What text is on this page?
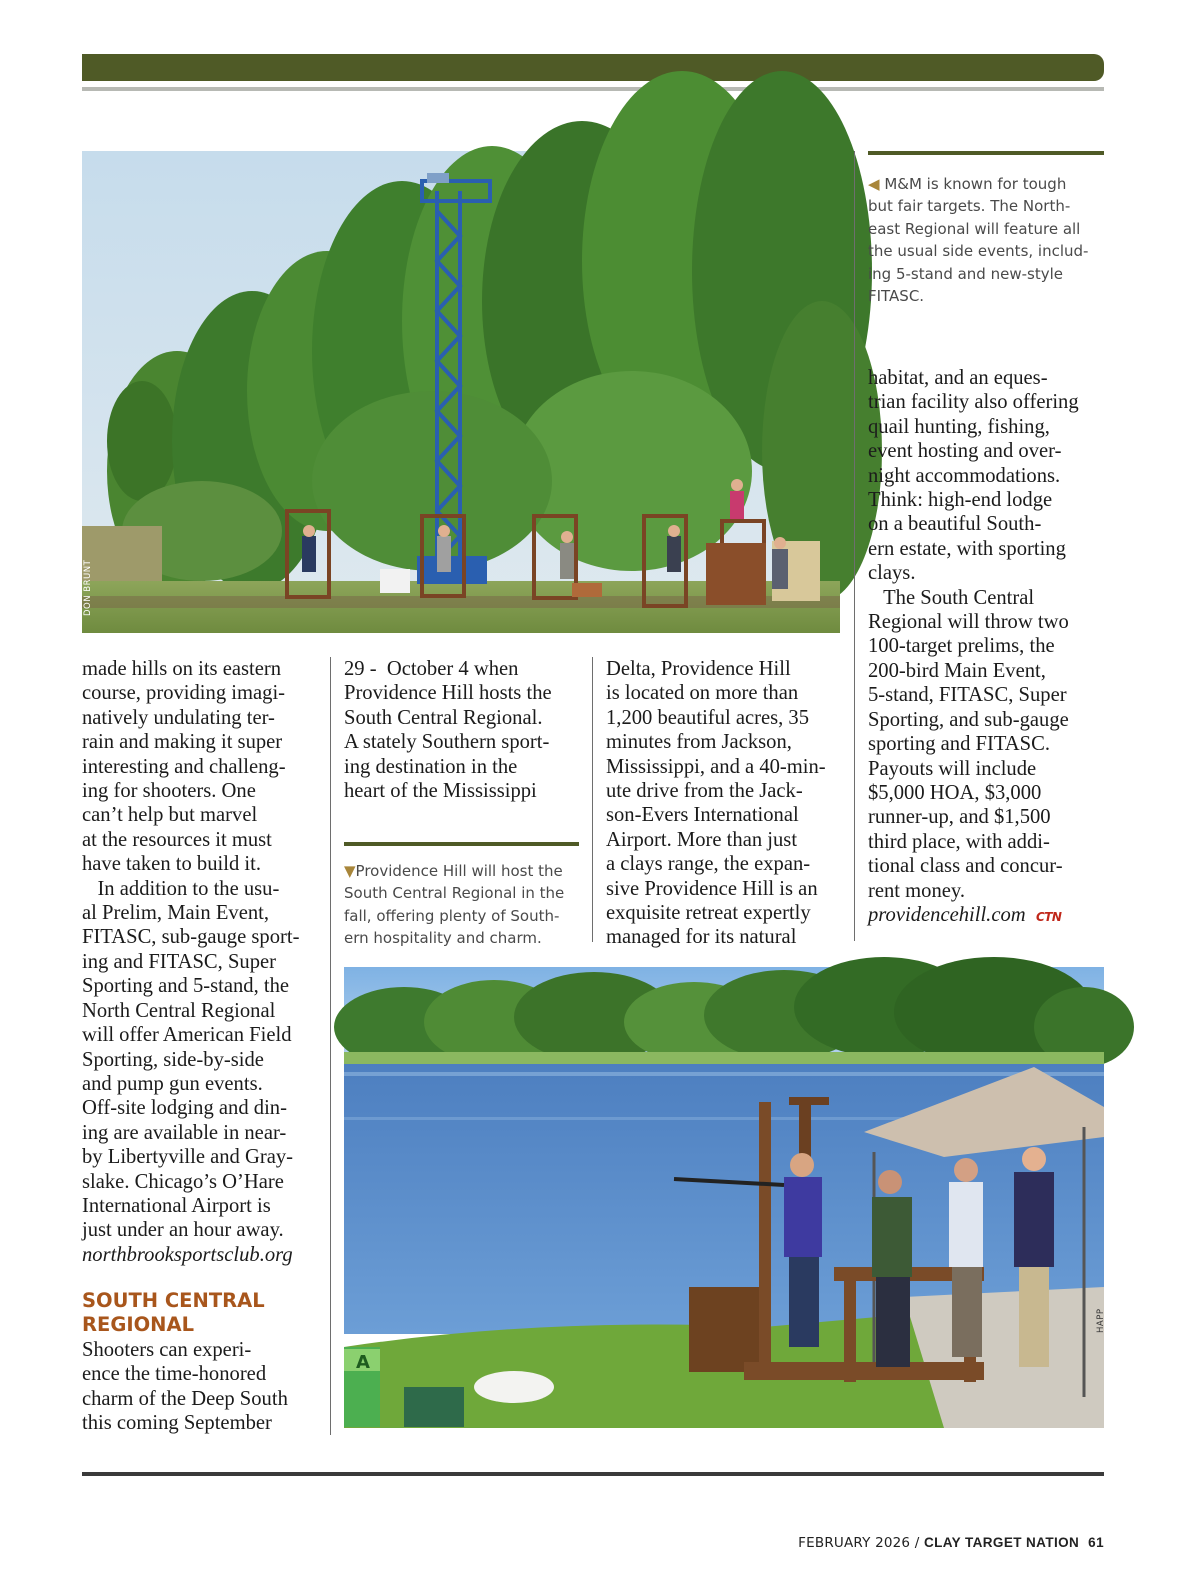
DON BRUNT

◀ M&M is known for tough
but fair targets. The North-
east Regional will feature all
the usual side events, includ-
ing 5-stand and new-style
FITASC.

habitat, and an eques-
trian facility also offering
quail hunting, fishing,
event hosting and over-
night accommodations.
Think: high-end lodge
on a beautiful South-
ern estate, with sporting
clays.
The South Central
Regional will throw two
100-target prelims, the
200-bird Main Event,
5-stand, FITASC, Super
Sporting, and sub-gauge
sporting and FITASC.
Payouts will include
$5,000 HOA, $3,000
runner-up, and $1,500
third place, with addi-
tional class and concur-
rent money.
providencehill.com CTN

made hills on its eastern
course, providing imagi-
natively undulating ter-
rain and making it super
interesting and challeng-
ing for shooters. One
can’t help but marvel
at the resources it must
have taken to build it.
In addition to the usu-
al Prelim, Main Event,
FITASC, sub-gauge sport-
ing and FITASC, Super
Sporting and 5-stand, the
North Central Regional
will offer American Field
Sporting, side-by-side
and pump gun events.
Off-site lodging and din-
ing are available in near-
by Libertyville and Gray-
slake. Chicago’s O’Hare
International Airport is
just under an hour away.
northbrooksportsclub.org

SOUTH CENTRAL
REGIONAL

Shooters can experi-
ence the time-honored
charm of the Deep South
this coming September

29 -  October 4 when
Providence Hill hosts the
South Central Regional.
A stately Southern sport-
ing destination in the
heart of the Mississippi

▼Providence Hill will host the
South Central Regional in the
fall, offering plenty of South-
ern hospitality and charm.

Delta, Providence Hill
is located on more than
1,200 beautiful acres, 35
minutes from Jackson,
Mississippi, and a 40-min-
ute drive from the Jack-
son-Evers International
Airport. More than just
a clays range, the expan-
sive Providence Hill is an
exquisite retreat expertly
managed for its natural

A
HAPP
FEBRUARY 2026 / CLAY TARGET NATION 61
